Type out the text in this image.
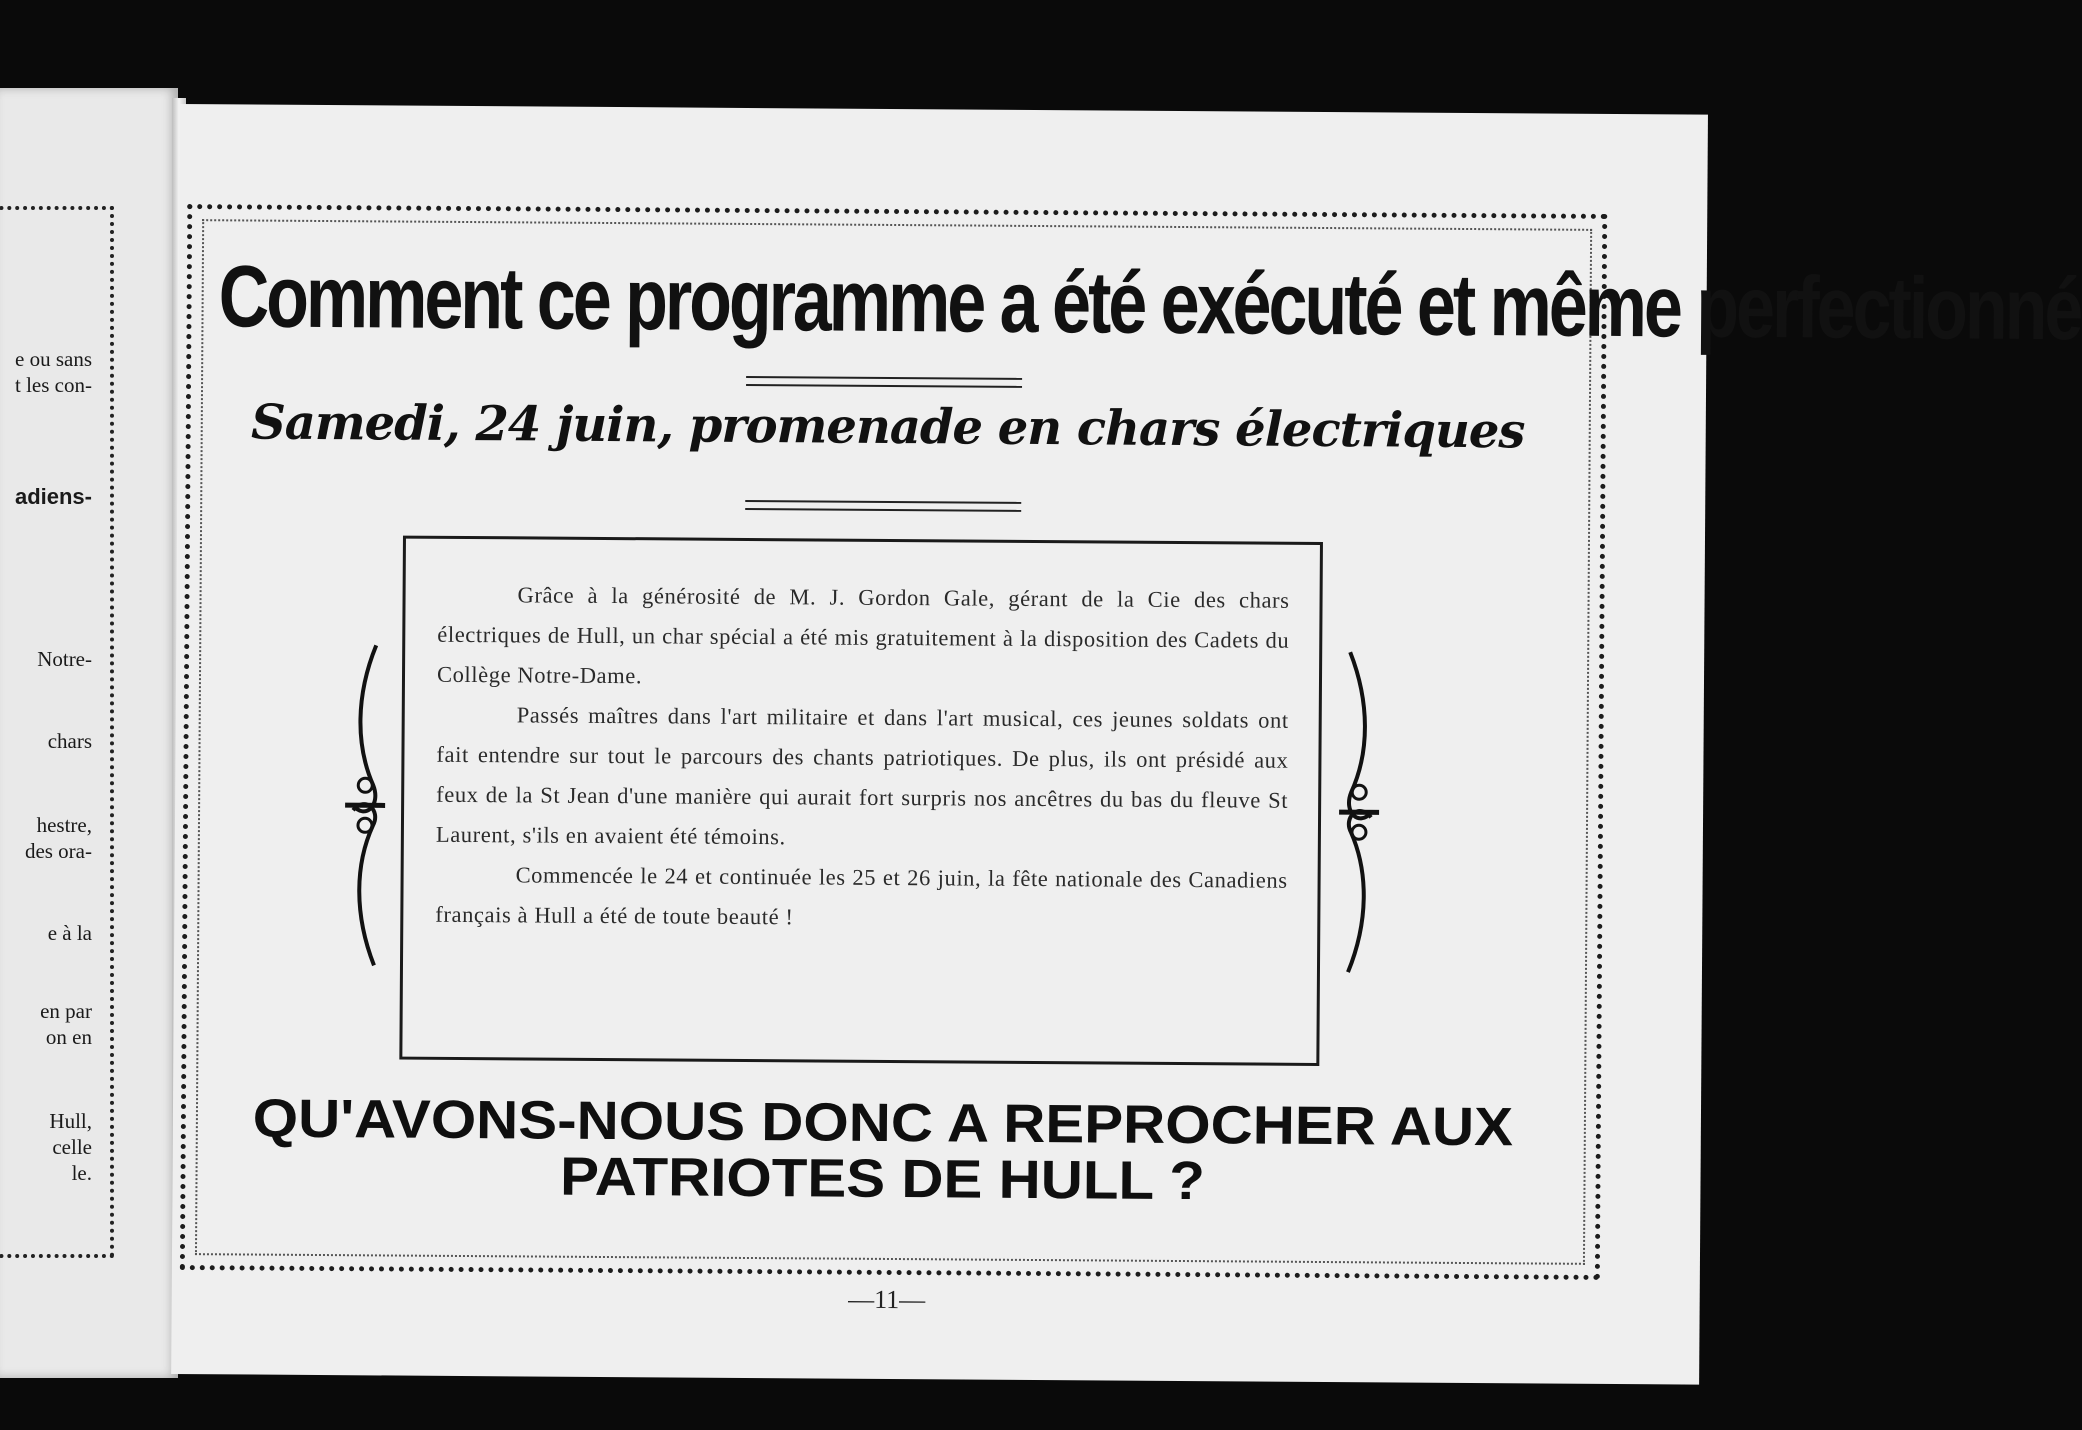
e ou sans
t les con-
adiens-
Notre-
chars
hestre,
des ora-
e à la
en par
on en
Hull,
celle
le.
Comment ce programme a été exécuté et même perfectionné
Samedi, 24 juin, promenade en chars électriques

Grâce à la générosité de M. J. Gordon Gale, gérant de la Cie des chars électriques de Hull, un char spécial a été mis gratuitement à la disposition des Cadets du Collège Notre-Dame.

Passés maîtres dans l'art militaire et dans l'art musical, ces jeunes soldats ont fait entendre sur tout le parcours des chants patriotiques. De plus, ils ont présidé aux feux de la St Jean d'une manière qui aurait fort surpris nos ancêtres du bas du fleuve St Laurent, s'ils en avaient été témoins.

Commencée le 24 et continuée les 25 et 26 juin, la fête nationale des Canadiens français à Hull a été de toute beauté !

QU'AVONS-NOUS DONC A REPROCHER AUX
PATRIOTES DE HULL ?
—11—
